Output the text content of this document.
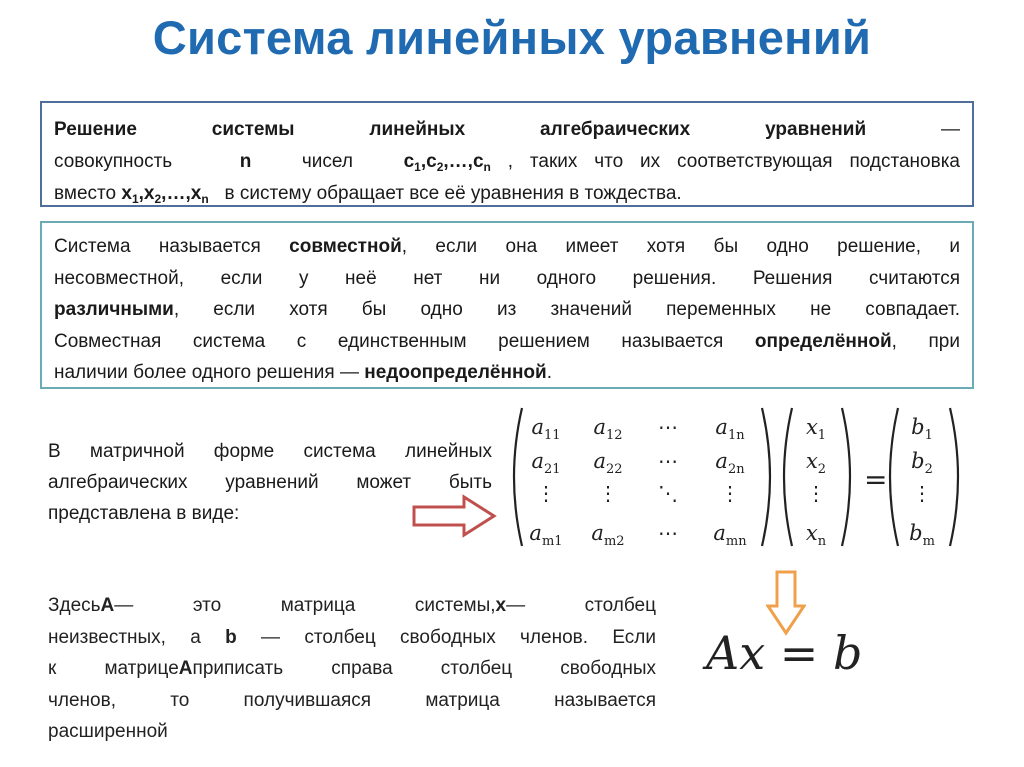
Система линейных уравнений
Решение	системы	линейных	алгебраических	уравнений	—
совокупность	n	чисел	$c_1,c_2,\dots,c_n$ , таких что их соответствующая подстановка
вместо $x_1,x_2,\dots,x_n$ в систему обращает все её уравнения в тождества.
Система называется совместной, если она имеет хотя бы одно решение, и
несовместной, если у неё нет ни одного решения. Решения считаются
различными, если хотя бы одно из значений переменных не совпадает.
Совместная система с единственным решением называется определённой, при
наличии более одного решения — недоопределённой.
В матричной форме система линейных
алгебраических уравнений может быть
представлена в виде:
$a_{11}$ $a_{12}$ ⋯ $a_{1n}$
$a_{21}$ $a_{22}$ ⋯ $a_{2n}$
⋮ ⋮ ⋱ ⋮
$a_{m1}$ $a_{m2}$ ⋯ $a_{mn}$
$x_1$
$x_2$
⋮
$x_n$
=
$b_1$
$b_2$
⋮
$b_m$
ЗдесьA— это матрица системы,x— столбец
неизвестных, а b — столбец свободных членов. Если
к матрицеAприписать справа столбец свободных
членов, то получившаяся матрица называется
расширенной
Ax = b
